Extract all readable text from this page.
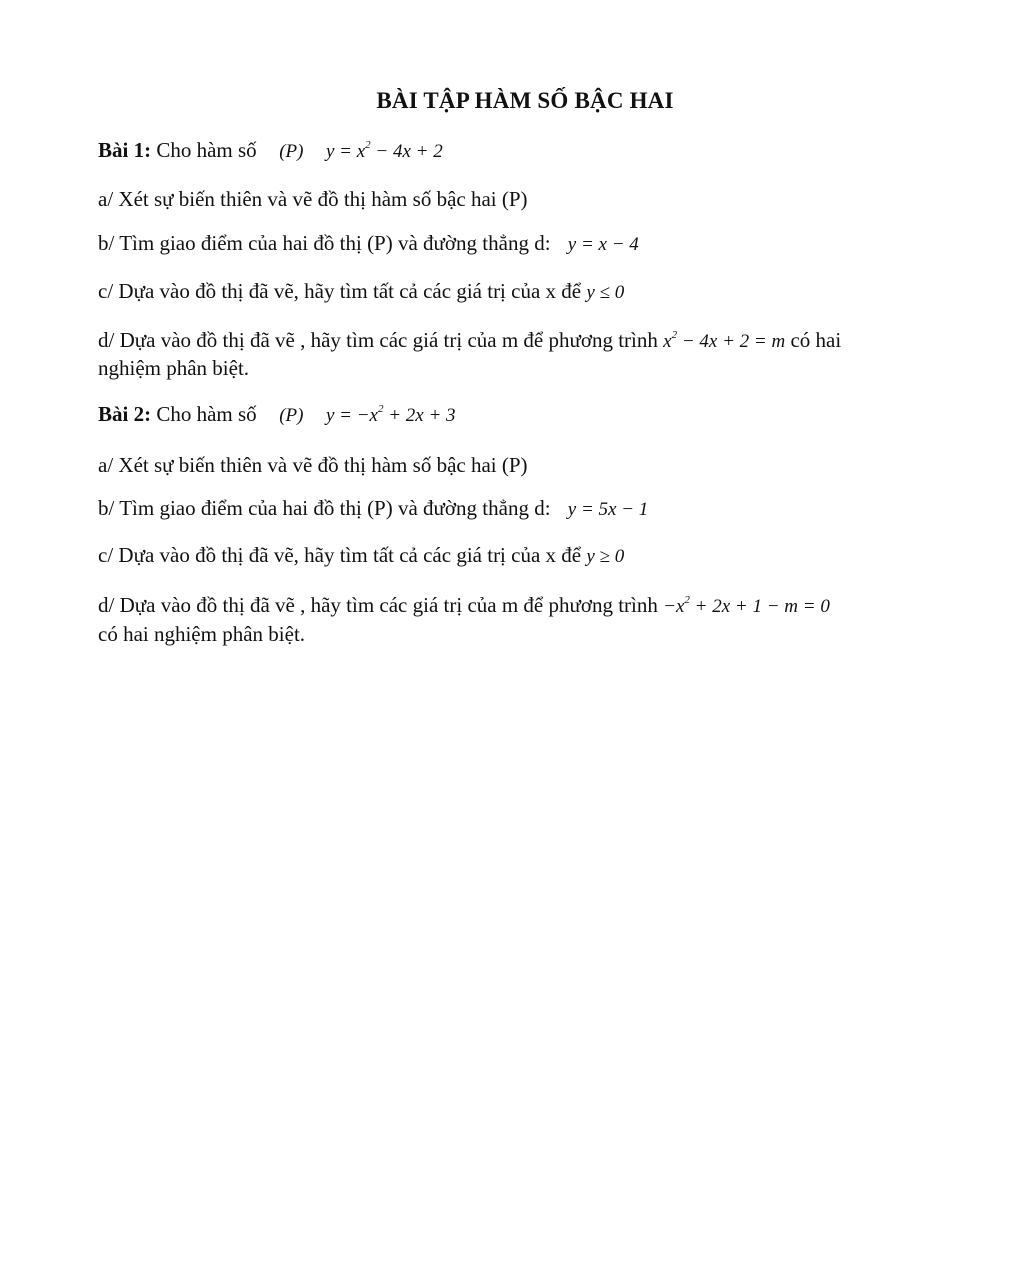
BÀI TẬP HÀM SỐ BẬC HAI
Bài 1: Cho hàm số (P) $y = x^2 - 4x + 2$
a/ Xét sự biến thiên và vẽ đồ thị hàm số bậc hai (P)
b/ Tìm giao điểm của hai đồ thị (P) và đường thẳng d: y = x − 4
c/ Dựa vào đồ thị đã vẽ, hãy tìm tất cả các giá trị của x để y ≤ 0
d/ Dựa vào đồ thị đã vẽ , hãy tìm các giá trị của m để phương trình $x^2 - 4x + 2 = m$ có hai
nghiệm phân biệt.
Bài 2: Cho hàm số (P) $y = -x^2 + 2x + 3$
a/ Xét sự biến thiên và vẽ đồ thị hàm số bậc hai (P)
b/ Tìm giao điểm của hai đồ thị (P) và đường thẳng d: y = 5x − 1
c/ Dựa vào đồ thị đã vẽ, hãy tìm tất cả các giá trị của x để y ≥ 0
d/ Dựa vào đồ thị đã vẽ , hãy tìm các giá trị của m để phương trình $-x^2 + 2x + 1 - m = 0$
có hai nghiệm phân biệt.
